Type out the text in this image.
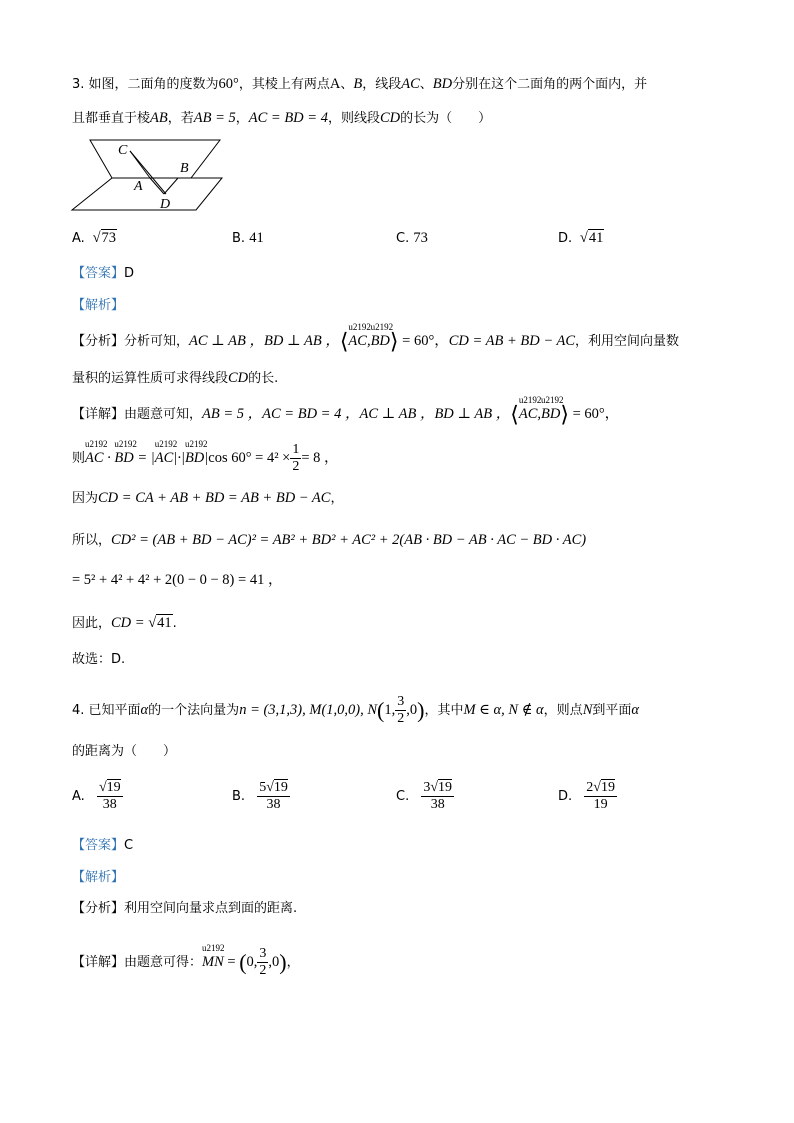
3. 如图，二面角的度数为60°，其棱上有两点A、B，线段AC、BD分别在这个二面角的两个面内，并
且都垂直于棱AB，若AB = 5，AC = BD = 4，则线段CD的长为（　　）
C
A
B
D
A.  √73	B. 41	C. 73	D.  √41
【答案】D
【解析】
【分析】分析可知，AC ⊥ AB ，BD ⊥ AB ，⟨u2192 AC,u2192 BD⟩ = 60°，CD = AB + BD − AC，利用空间向量数
量积的运算性质可求得线段CD的长.
【详解】由题意可知，AB = 5 ，AC = BD = 4 ，AC ⊥ AB ，BD ⊥ AB ，⟨u2192 AC,u2192 BD⟩ = 60°，
则u2192 AC · u2192 BD = |u2192 AC|·|u2192 BD|cos $60^\circ = 4^2 \times \frac{1}{2} = 8$ ，
因为CD = CA + AB + BD = AB + BD − AC，
所以，CD² = (AB + BD − AC)² = AB² + BD² + AC² + 2(AB · BD − AB · AC − BD · AC)
= 5² + 4² + 4² + 2(0 − 0 − 8) = 41 ，
因此，CD = √41.
故选：D.
4. 已知平面α的一个法向量为n = (3,1,3), M(1,0,0), N(1, $\frac{3}{2} ,0$)，其中M ∈ α, N ∉ α，则点N到平面α
的距离为（　　）
A. $\frac{√19}{38}$	B. $\frac{5√19}{38}$	C. $\frac{3√19}{38}$	D. $\frac{2√19}{19}$
【答案】C
【解析】
【分析】利用空间向量求点到面的距离.
【详解】由题意可得：u2192 MN = (0, $\frac{3}{2} ,0$)，
